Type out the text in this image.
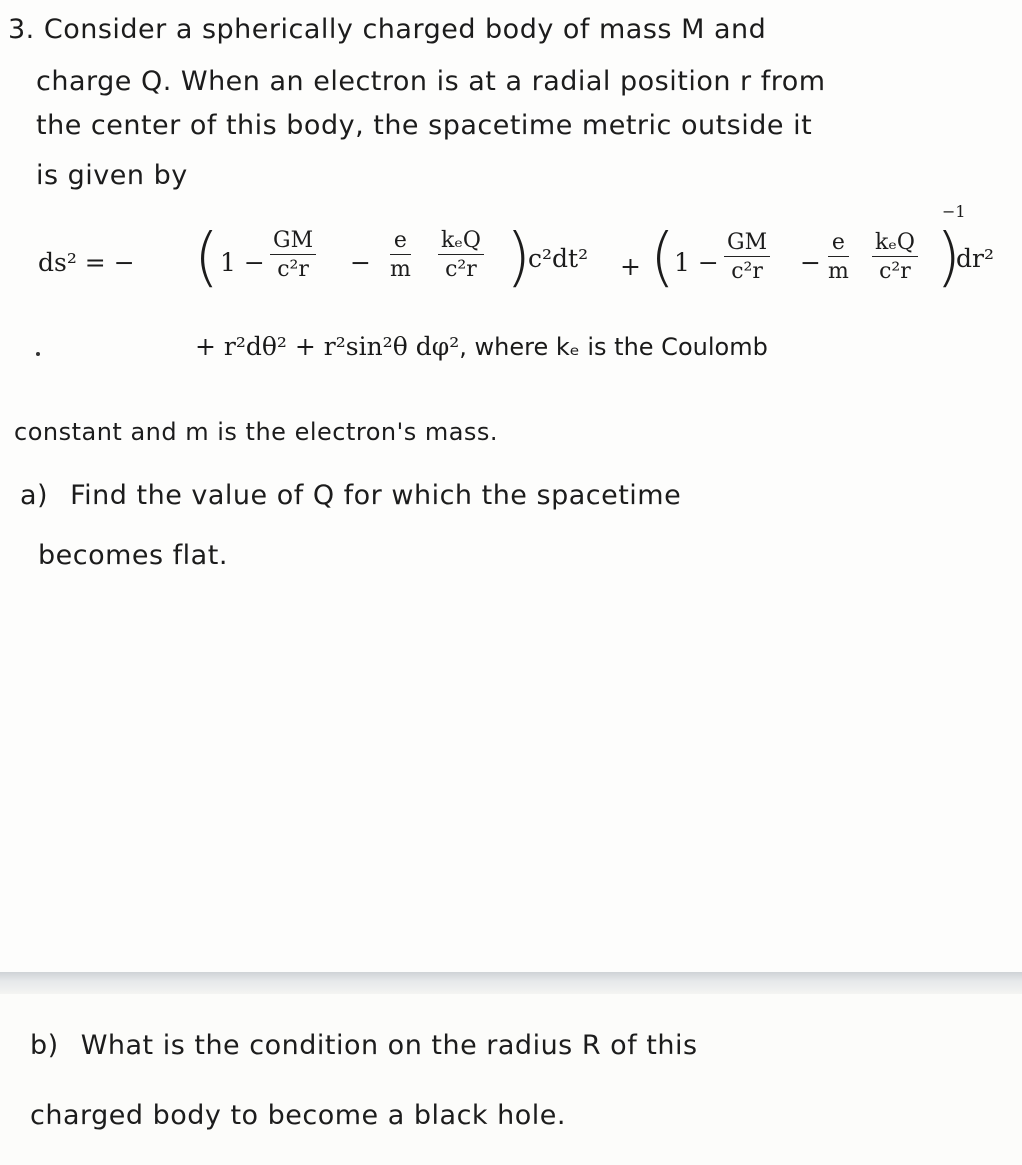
3. Consider a spherically charged body of mass M and
charge Q. When an electron is at a radial position r from
the center of this body, the spacetime metric outside it
is given by
ds² = − ( $1 - \frac{GM}{\text{c²r}} - \frac{e}{m}$ kₑQ
c²r )
c²dt² + ( $1 - \frac{GM}{\text{c²r}} - \frac{e}{m}$ kₑQ
c²r )
−1
dr²
+ r²dθ² + r²sin²θ dφ², where kₑ is the Coulomb
constant and m is the electron's mass.
a) Find the value of Q for which the spacetime
becomes flat.
b) What is the condition on the radius R of this
charged body to become a black hole.
